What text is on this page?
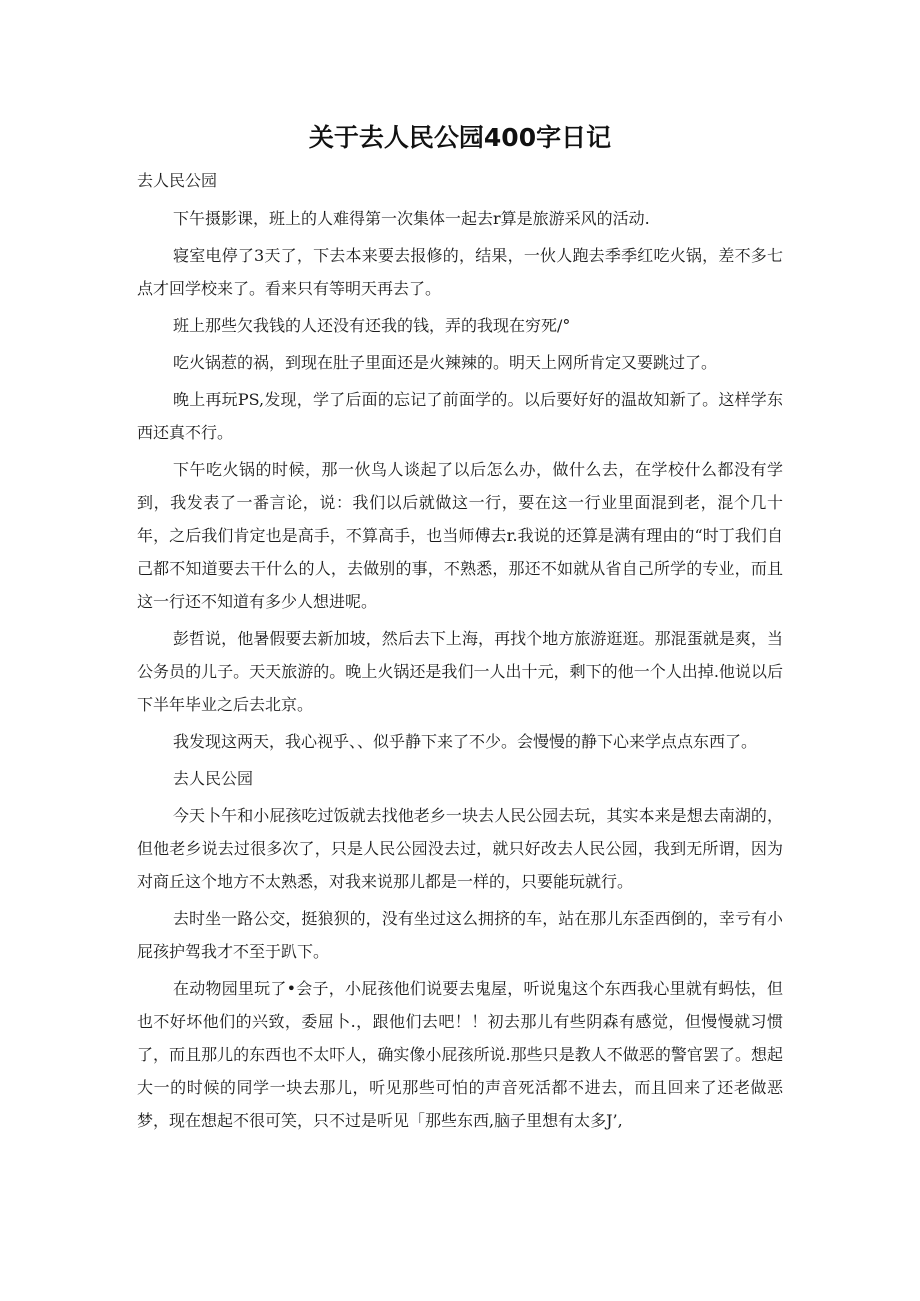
关于去人民公园400字日记

去人民公园

下午摄影课，班上的人难得第一次集体一起去r算是旅游采风的活动.

寝室电停了3天了，下去本来要去报修的，结果，一伙人跑去季季红吃火锅，差不多七点才回学校来了。看来只有等明天再去了。

班上那些欠我钱的人还没有还我的钱，弄的我现在穷死/°

吃火锅惹的祸，到现在肚子里面还是火辣辣的。明天上网所肯定又要跳过了。

晚上再玩PS,发现，学了后面的忘记了前面学的。以后要好好的温故知新了。这样学东西还真不行。

下午吃火锅的时候，那一伙鸟人谈起了以后怎么办，做什么去，在学校什么都没有学到，我发表了一番言论，说：我们以后就做这一行，要在这一行业里面混到老，混个几十年，之后我们肯定也是高手，不算高手，也当师傅去r.我说的还算是满有理由的“时丁我们自己都不知道要去干什么的人，去做别的事，不熟悉，那还不如就从省自己所学的专业，而且这一行还不知道有多少人想进呢。

彭哲说，他暑假要去新加坡，然后去下上海，再找个地方旅游逛逛。那混蛋就是爽，当公务员的儿子。天天旅游的。晚上火锅还是我们一人出十元，剩下的他一个人出掉.他说以后下半年毕业之后去北京。

我发现这两天，我心视乎、、似乎静下来了不少。会慢慢的静下心来学点点东西了。

去人民公园

今天卜午和小屁孩吃过饭就去找他老乡一块去人民公园去玩，其实本来是想去南湖的，但他老乡说去过很多次了，只是人民公园没去过，就只好改去人民公园，我到无所谓，因为对商丘这个地方不太熟悉，对我来说那儿都是一样的，只要能玩就行。

去时坐一路公交，挺狼狈的，没有坐过这么拥挤的车，站在那儿东歪西倒的，幸亏有小屁孩护驾我才不至于趴下。

在动物园里玩了•会子，小屁孩他们说要去鬼屋，听说鬼这个东西我心里就有蚂怯，但也不好坏他们的兴致，委屈卜.，跟他们去吧！！初去那儿有些阴森有感觉，但慢慢就习惯了，而且那儿的东西也不太吓人，确实像小屁孩所说.那些只是教人不做恶的警官罢了。想起大一的时候的同学一块去那儿，听见那些可怕的声音死活都不进去，而且回来了还老做恶梦，现在想起不很可笑，只不过是听见「那些东西,脑子里想有太多J’,
